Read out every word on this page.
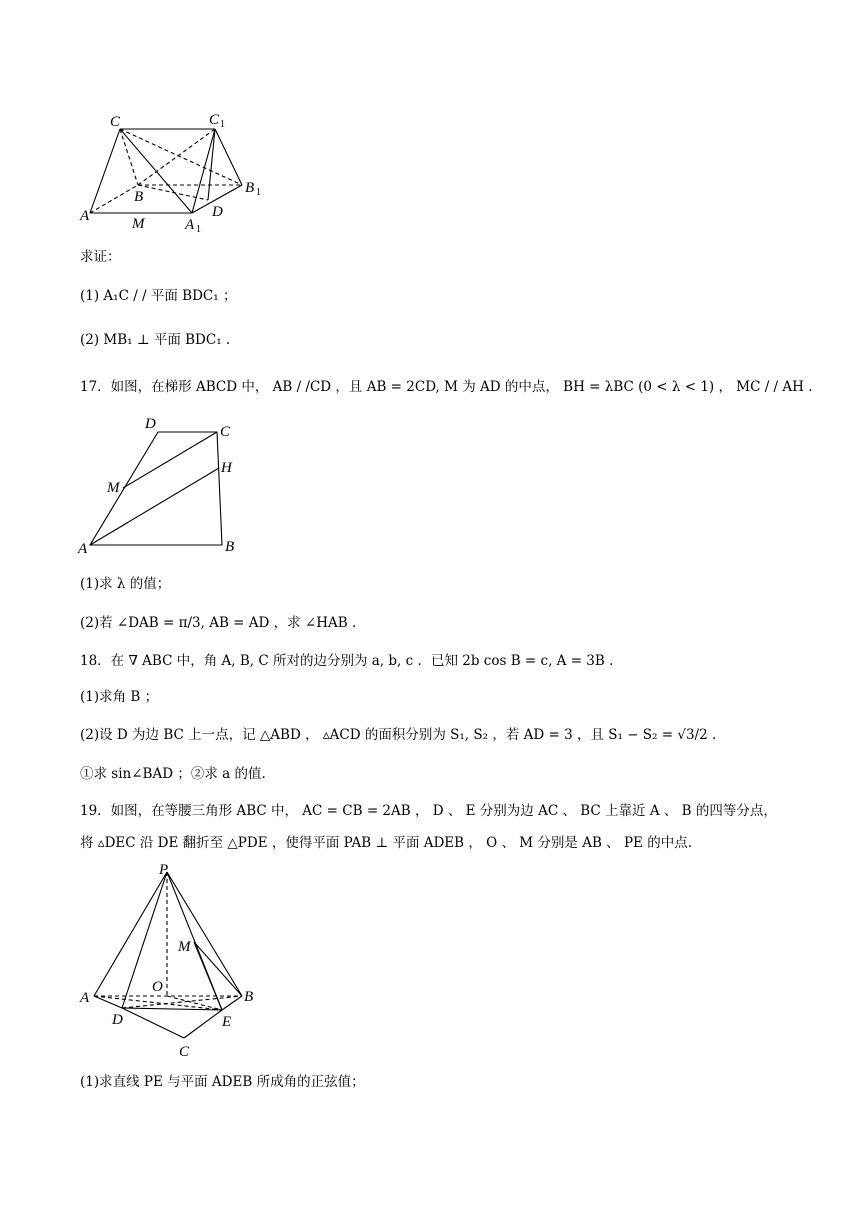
C	C 1
B
B 1
A	M	A 1
D
求证：
(1) A₁C / / 平面 BDC₁ ；
(2) MB₁ ⊥ 平面 BDC₁ .
17．如图，在梯形 ABCD 中， AB / /CD ，且 AB = 2CD, M 为 AD 的中点， BH = λBC (0 < λ < 1) ， MC / / AH .
D	C
H
M
A	B
(1)求 λ 的值；
(2)若 ∠DAB = π/3, AB = AD ，求 ∠HAB .
18．在 ∇ ABC 中，角 A, B, C 所对的边分别为 a, b, c ．已知 2b cos B = c, A = 3B .
(1)求角 B ；
(2)设 D 为边 BC 上一点，记 △ABD ， ▵ACD 的面积分别为 S₁, S₂ ，若 AD = 3 ，且 S₁ − S₂ = √3/2 .
①求 sin∠BAD ；②求 a 的值.
19．如图，在等腰三角形 ABC 中， AC = CB = 2AB ， D 、 E 分别为边 AC 、 BC 上靠近 A 、 B 的四等分点，
将 ▵DEC 沿 DE 翻折至 △PDE ，使得平面 PAB ⊥ 平面 ADEB ， O 、 M 分别是 AB 、 PE 的中点.
P
M
O
A	B
D	E
C
(1)求直线 PE 与平面 ADEB 所成角的正弦值；
